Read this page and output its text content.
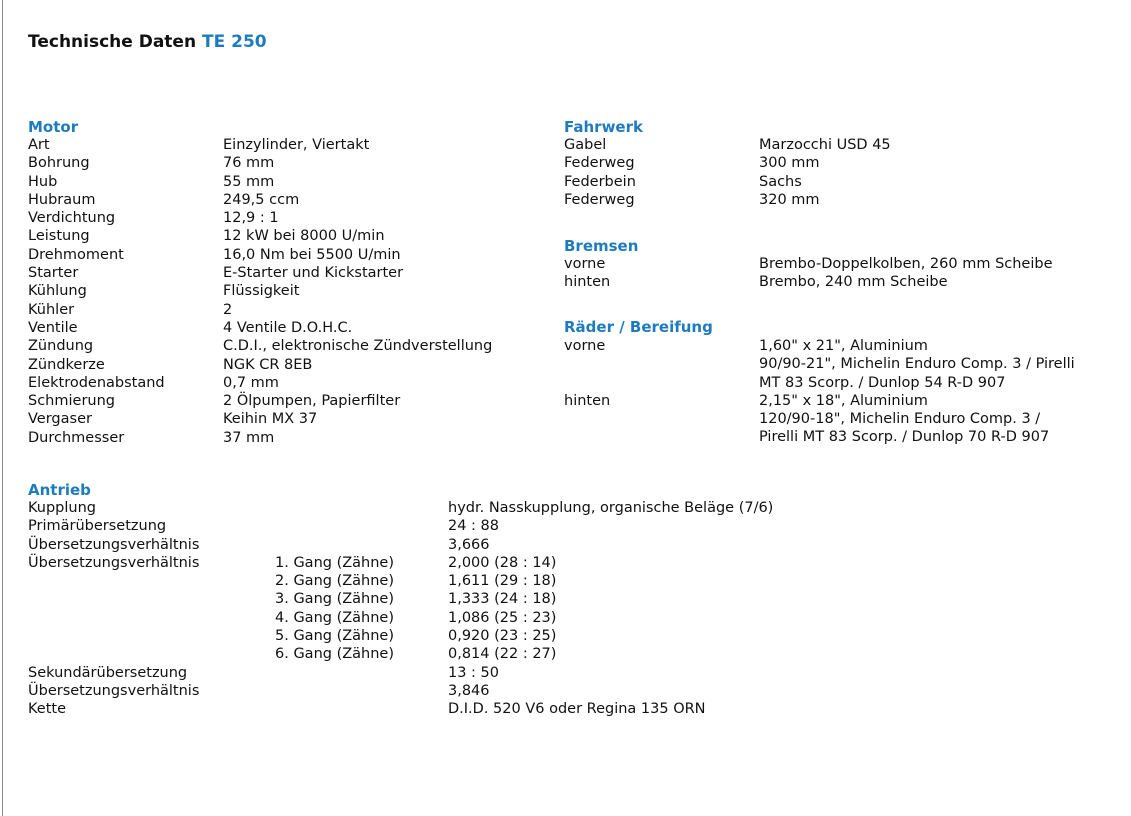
Technische Daten TE 250
Motor
Art	Einzylinder, Viertakt
Bohrung	76 mm
Hub	55 mm
Hubraum	249,5 ccm
Verdichtung	12,9 : 1
Leistung	12 kW bei 8000 U/min
Drehmoment	16,0 Nm bei 5500 U/min
Starter	E-Starter und Kickstarter
Kühlung	Flüssigkeit
Kühler	2
Ventile	4 Ventile D.O.H.C.
Zündung	C.D.I., elektronische Zündverstellung
Zündkerze	NGK CR 8EB
Elektrodenabstand	0,7 mm
Schmierung	2 Ölpumpen, Papierfilter
Vergaser	Keihin MX 37
Durchmesser	37 mm
Fahrwerk
Gabel	Marzocchi USD 45
Federweg	300 mm
Federbein	Sachs
Federweg	320 mm
Bremsen
vorne	Brembo-Doppelkolben, 260 mm Scheibe
hinten	Brembo, 240 mm Scheibe
Räder / Bereifung
vorne	1,60" x 21", Aluminium
90/90-21", Michelin Enduro Comp. 3 / Pirelli
MT 83 Scorp. / Dunlop 54 R-D 907
hinten	2,15" x 18", Aluminium
120/90-18", Michelin Enduro Comp. 3 /
Pirelli MT 83 Scorp. / Dunlop 70 R-D 907
Antrieb
Kupplung	hydr. Nasskupplung, organische Beläge (7/6)
Primärübersetzung	24 : 88
Übersetzungsverhältnis	3,666
Übersetzungsverhältnis	1. Gang (Zähne)	2,000 (28 : 14)
2. Gang (Zähne)	1,611 (29 : 18)
3. Gang (Zähne)	1,333 (24 : 18)
4. Gang (Zähne)	1,086 (25 : 23)
5. Gang (Zähne)	0,920 (23 : 25)
6. Gang (Zähne)	0,814 (22 : 27)
Sekundärübersetzung	13 : 50
Übersetzungsverhältnis	3,846
Kette	D.I.D. 520 V6 oder Regina 135 ORN
